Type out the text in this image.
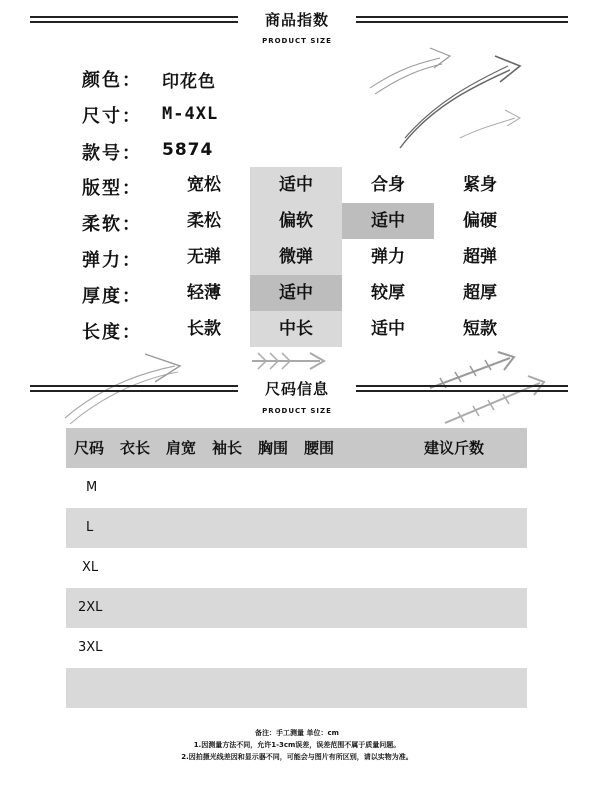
商品指数
PRODUCT SIZE
颜色： 印花色
尺寸： M-4XL
款号： 5874
版型：	宽松	适中	合身	紧身
柔软：	柔松	偏软	适中	偏硬
弹力：	无弹	微弹	弹力	超弹
厚度：	轻薄	适中	较厚	超厚
长度：	长款	中长	适中	短款
尺码信息
PRODUCT SIZE
尺码 衣长 肩宽 袖长 胸围 腰围	建议斤数
M
L
XL
2XL
3XL
备注：手工测量 单位：cm
1.因测量方法不同，允许1-3cm误差，误差范围不属于质量问题。
2.因拍摄光线差因和显示器不同，可能会与图片有所区别，请以实物为准。
